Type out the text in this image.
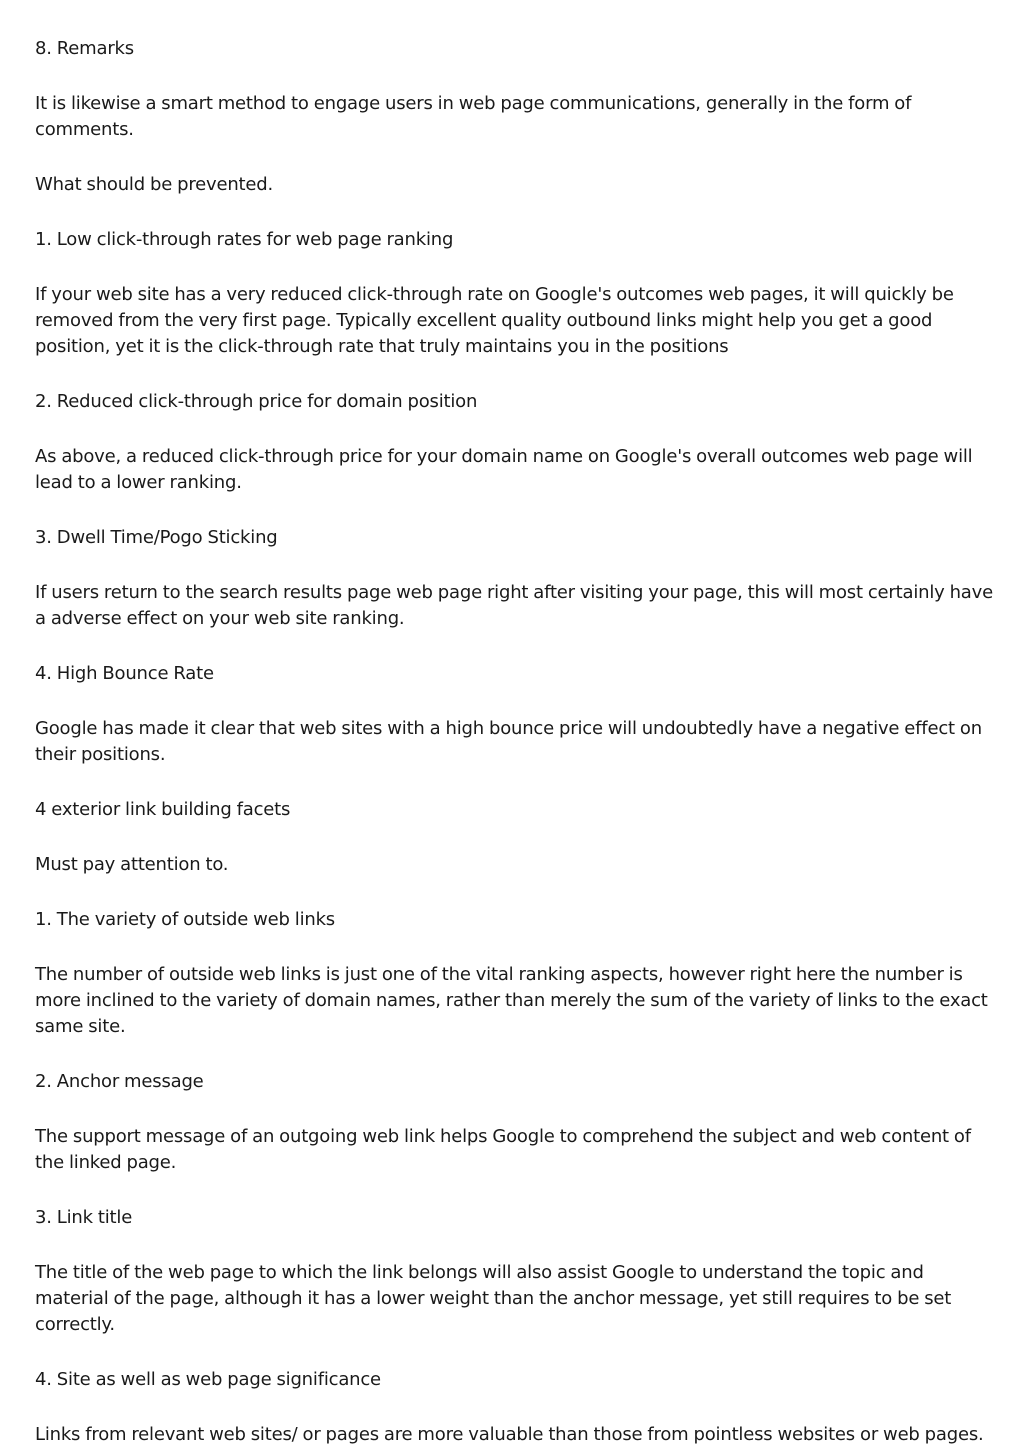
8. Remarks

It is likewise a smart method to engage users in web page communications, generally in the form of comments.

What should be prevented.

1. Low click-through rates for web page ranking

If your web site has a very reduced click-through rate on Google's outcomes web pages, it will quickly be removed from the very first page. Typically excellent quality outbound links might help you get a good position, yet it is the click-through rate that truly maintains you in the positions

2. Reduced click-through price for domain position

As above, a reduced click-through price for your domain name on Google's overall outcomes web page will lead to a lower ranking.

3. Dwell Time/Pogo Sticking

If users return to the search results page web page right after visiting your page, this will most certainly have a adverse effect on your web site ranking.

4. High Bounce Rate

Google has made it clear that web sites with a high bounce price will undoubtedly have a negative effect on their positions.

4 exterior link building facets

Must pay attention to.

1. The variety of outside web links

The number of outside web links is just one of the vital ranking aspects, however right here the number is more inclined to the variety of domain names, rather than merely the sum of the variety of links to the exact same site.

2. Anchor message

The support message of an outgoing web link helps Google to comprehend the subject and web content of the linked page.

3. Link title

The title of the web page to which the link belongs will also assist Google to understand the topic and material of the page, although it has a lower weight than the anchor message, yet still requires to be set correctly.

4. Site as well as web page significance

Links from relevant web sites/ or pages are more valuable than those from pointless websites or web pages.
